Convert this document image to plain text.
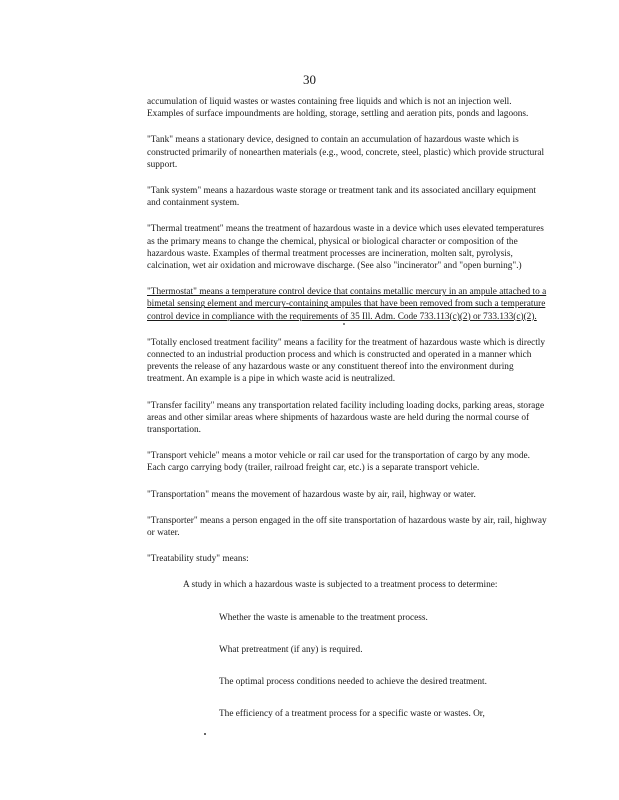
30

accumulation of liquid wastes or wastes containing free liquids and which is not an injection well. Examples of surface impoundments are holding, storage, settling and aeration pits, ponds and lagoons.

"Tank" means a stationary device, designed to contain an accumulation of hazardous waste which is constructed primarily of nonearthen materials (e.g., wood, concrete, steel, plastic) which provide structural support.

"Tank system" means a hazardous waste storage or treatment tank and its associated ancillary equipment and containment system.

"Thermal treatment" means the treatment of hazardous waste in a device which uses elevated temperatures as the primary means to change the chemical, physical or biological character or composition of the hazardous waste. Examples of thermal treatment processes are incineration, molten salt, pyrolysis, calcination, wet air oxidation and microwave discharge. (See also "incinerator" and "open burning".)

"Thermostat" means a temperature control device that contains metallic mercury in an ampule attached to a bimetal sensing element and mercury-containing ampules that have been removed from such a temperature control device in compliance with the requirements of 35 Ill. Adm. Code 733.113(c)(2) or 733.133(c)(2).

"Totally enclosed treatment facility" means a facility for the treatment of hazardous waste which is directly connected to an industrial production process and which is constructed and operated in a manner which prevents the release of any hazardous waste or any constituent thereof into the environment during treatment. An example is a pipe in which waste acid is neutralized.

"Transfer facility" means any transportation related facility including loading docks, parking areas, storage areas and other similar areas where shipments of hazardous waste are held during the normal course of transportation.

"Transport vehicle" means a motor vehicle or rail car used for the transportation of cargo by any mode. Each cargo carrying body (trailer, railroad freight car, etc.) is a separate transport vehicle.

"Transportation" means the movement of hazardous waste by air, rail, highway or water.

"Transporter" means a person engaged in the off site transportation of hazardous waste by air, rail, highway or water.

"Treatability study" means:

A study in which a hazardous waste is subjected to a treatment process to determine:

Whether the waste is amenable to the treatment process.

What pretreatment (if any) is required.

The optimal process conditions needed to achieve the desired treatment.

The efficiency of a treatment process for a specific waste or wastes. Or,
